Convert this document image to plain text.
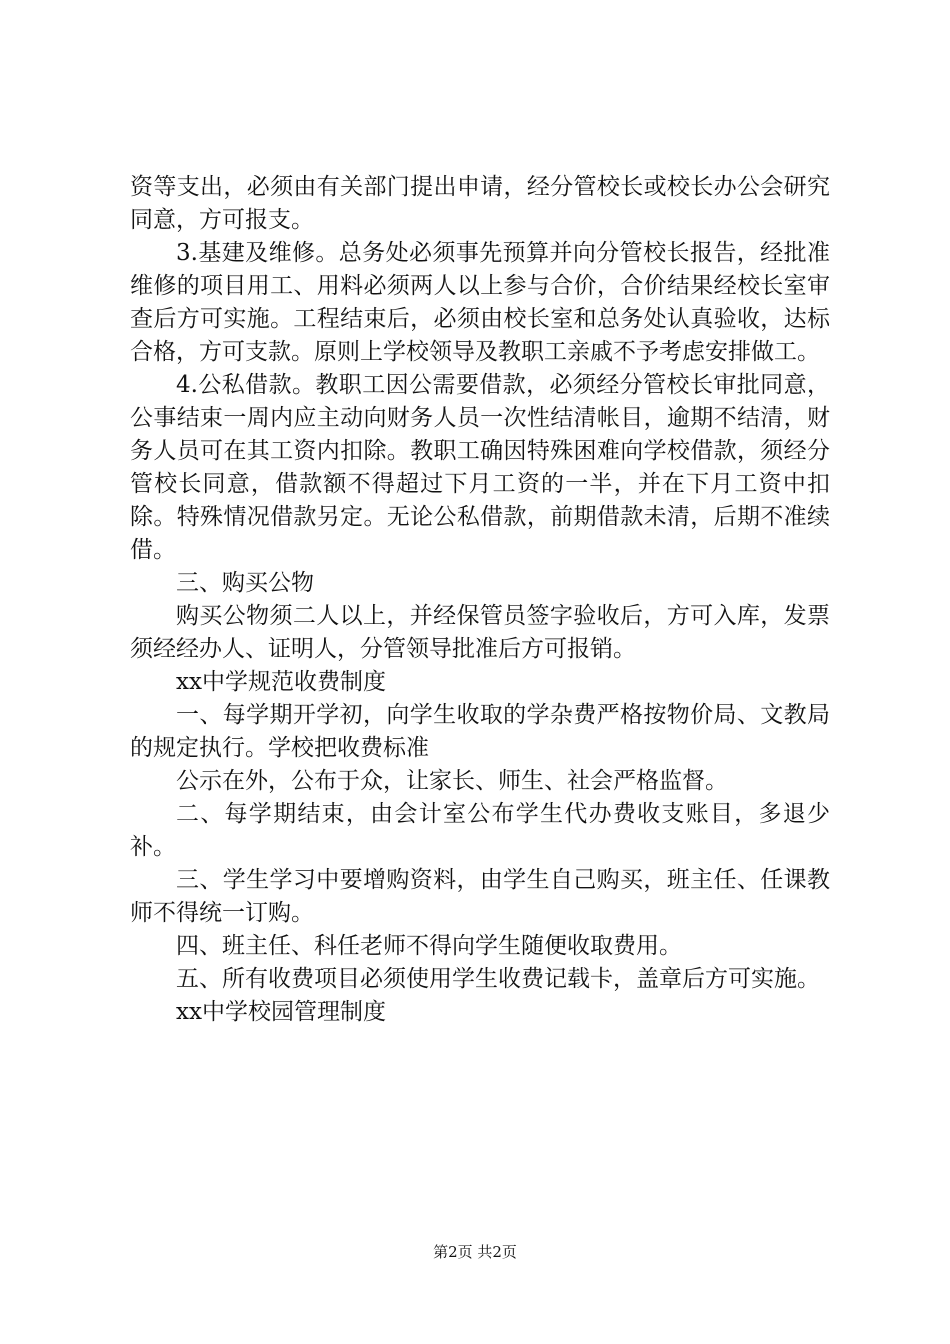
资等支出，必须由有关部门提出申请，经分管校长或校长办公会研究同意，方可报支。

3.基建及维修。总务处必须事先预算并向分管校长报告，经批准维修的项目用工、用料必须两人以上参与合价，合价结果经校长室审查后方可实施。工程结束后，必须由校长室和总务处认真验收，达标合格，方可支款。原则上学校领导及教职工亲戚不予考虑安排做工。

4.公私借款。教职工因公需要借款，必须经分管校长审批同意，公事结束一周内应主动向财务人员一次性结清帐目，逾期不结清，财务人员可在其工资内扣除。教职工确因特殊困难向学校借款，须经分管校长同意，借款额不得超过下月工资的一半，并在下月工资中扣除。特殊情况借款另定。无论公私借款，前期借款未清，后期不准续借。

三、购买公物

购买公物须二人以上，并经保管员签字验收后，方可入库，发票须经经办人、证明人，分管领导批准后方可报销。

xx中学规范收费制度

一、每学期开学初，向学生收取的学杂费严格按物价局、文教局的规定执行。学校把收费标准

公示在外，公布于众，让家长、师生、社会严格监督。

二、每学期结束，由会计室公布学生代办费收支账目，多退少补。

三、学生学习中要增购资料，由学生自己购买，班主任、任课教师不得统一订购。

四、班主任、科任老师不得向学生随便收取费用。

五、所有收费项目必须使用学生收费记载卡，盖章后方可实施。

xx中学校园管理制度

第2页 共2页
